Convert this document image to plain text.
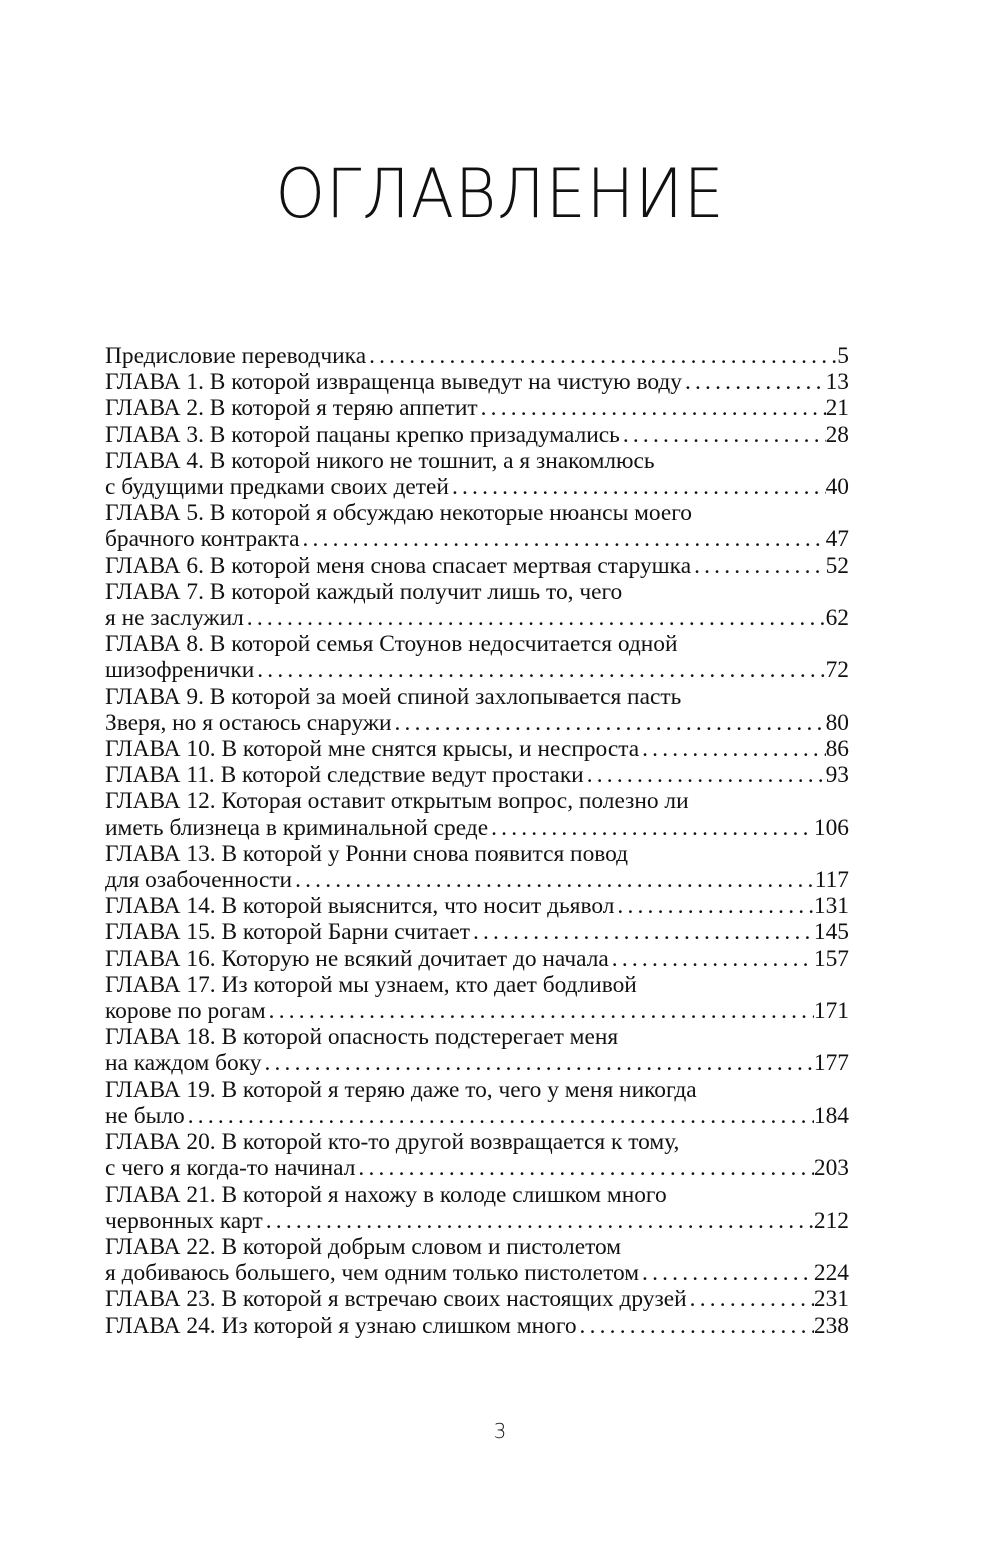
ОГЛАВЛЕНИЕ
Предисловие переводчика .....	5
ГЛАВА 1. В которой извращенца выведут на чистую воду .....	13
ГЛАВА 2. В которой я теряю аппетит .....	21
ГЛАВА 3. В которой пацаны крепко призадумались .....	28
ГЛАВА 4. В которой никого не тошнит, а я знакомлюсь
с будущими предками своих детей .....	40
ГЛАВА 5. В которой я обсуждаю некоторые нюансы моего
брачного контракта .....	47
ГЛАВА 6. В которой меня снова спасает мертвая старушка .....	52
ГЛАВА 7. В которой каждый получит лишь то, чего
я не заслужил .....	62
ГЛАВА 8. В которой семья Стоунов недосчитается одной
шизофренички .....	72
ГЛАВА 9. В которой за моей спиной захлопывается пасть
Зверя, но я остаюсь снаружи .....	80
ГЛАВА 10. В которой мне снятся крысы, и неспроста .....	86
ГЛАВА 11. В которой следствие ведут простаки .....	93
ГЛАВА 12. Которая оставит открытым вопрос, полезно ли
иметь близнеца в криминальной среде .....	106
ГЛАВА 13. В которой у Ронни снова появится повод
для озабоченности .....	117
ГЛАВА 14. В которой выяснится, что носит дьявол .....	131
ГЛАВА 15. В которой Барни считает .....	145
ГЛАВА 16. Которую не всякий дочитает до начала .....	157
ГЛАВА 17. Из которой мы узнаем, кто дает бодливой
корове по рогам .....	171
ГЛАВА 18. В которой опасность подстерегает меня
на каждом боку .....	177
ГЛАВА 19. В которой я теряю даже то, чего у меня никогда
не было .....	184
ГЛАВА 20. В которой кто-то другой возвращается к тому,
с чего я когда-то начинал .....	203
ГЛАВА 21. В которой я нахожу в колоде слишком много
червонных карт .....	212
ГЛАВА 22. В которой добрым словом и пистолетом
я добиваюсь большего, чем одним только пистолетом .....	224
ГЛАВА 23. В которой я встречаю своих настоящих друзей .....	231
ГЛАВА 24. Из которой я узнаю слишком много .....	238
3
